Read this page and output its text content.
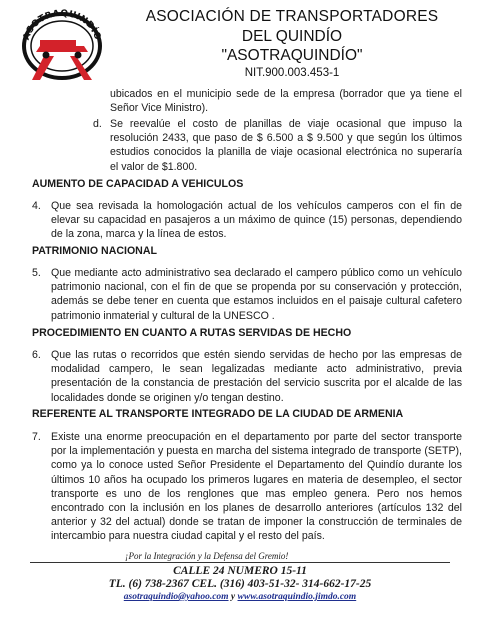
ASOTRAQUINDÍO
ASOCIACIÓN DE TRANSPORTADORES
DEL QUINDÍO
"ASOTRAQUINDÍO"
NIT.900.003.453-1

ubicados en el municipio sede de la empresa (borrador que ya tiene el Señor Vice Ministro).

d. Se reevalúe el costo de planillas de viaje ocasional que impuso la resolución 2433, que paso de $ 6.500 a $ 9.500 y que según los últimos estudios conocidos la planilla de viaje ocasional electrónica no superaría el valor de $1.800.

AUMENTO DE CAPACIDAD A VEHICULOS

4. Que sea revisada la homologación actual de los vehículos camperos con el fin de elevar su capacidad en pasajeros a un máximo de quince (15) personas, dependiendo de la zona, marca y la línea de estos.

PATRIMONIO NACIONAL

5. Que mediante acto administrativo sea declarado el campero público como un vehículo patrimonio nacional, con el fin de que se propenda por su conservación y protección, además se debe tener en cuenta que estamos incluidos en el paisaje cultural cafetero patrimonio inmaterial y cultural de la UNESCO .

PROCEDIMIENTO EN CUANTO A RUTAS SERVIDAS DE HECHO

6. Que las rutas o recorridos que estén siendo servidas de hecho por las empresas de modalidad campero, le sean legalizadas mediante acto administrativo, previa presentación de la constancia de prestación del servicio suscrita por el alcalde de las localidades donde se originen y/o tengan destino.

REFERENTE AL TRANSPORTE INTEGRADO DE LA CIUDAD DE ARMENIA

7. Existe una enorme preocupación en el departamento por parte del sector transporte por la implementación y puesta en marcha del sistema integrado de transporte (SETP), como ya lo conoce usted Señor Presidente el Departamento del Quindío durante los últimos 10 años ha ocupado los primeros lugares en materia de desempleo, el sector transporte es uno de los renglones que mas empleo genera. Pero nos hemos encontrado con la inclusión en los planes de desarrollo anteriores (artículos 132 del anterior y 32 del actual) donde se tratan de imponer la construcción de terminales de intercambio para nuestra ciudad capital y el resto del país.
¡Por la Integración y la Defensa del Gremio!
CALLE 24 NUMERO 15-11
TL. (6) 738-2367 CEL. (316) 403-51-32- 314-662-17-25
asotraquindio@yahoo.com y www.asotraquindio.jimdo.com
